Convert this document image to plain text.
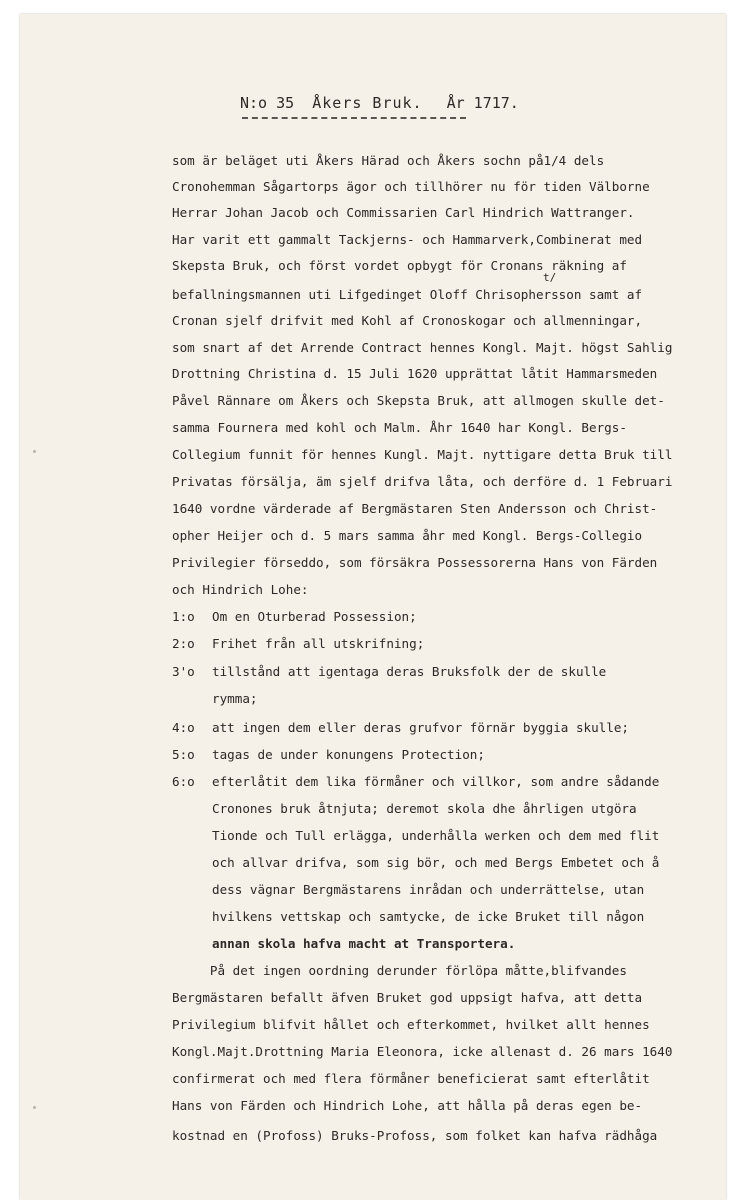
N:o 35 Åkers Bruk. År 1717.
som är beläget uti Åkers Härad och Åkers sochn på1/4 dels
Cronohemman Sågartorps ägor och tillhörer nu för tiden Välborne
Herrar Johan Jacob och Commissarien Carl Hindrich Wattranger.
Har varit ett gammalt Tackjerns- och Hammarverk,Combinerat med
Skepsta Bruk, och först vordet opbygt för Cronans räkning af
befallningsmannen uti Lifgedinget Oloff Chrisophersson samt af
Cronan sjelf drifvit med Kohl af Cronoskogar och allmenningar,
som snart af det Arrende Contract hennes Kongl. Majt. högst Sahlig
Drottning Christina d. 15 Juli 1620 upprättat låtit Hammarsmeden
Påvel Rännare om Åkers och Skepsta Bruk, att allmogen skulle det-
samma Fournera med kohl och Malm. Åhr 1640 har Kongl. Bergs-
Collegium funnit för hennes Kungl. Majt. nyttigare detta Bruk till
Privatas försälja, äm sjelf drifva låta, och derföre d. 1 Februari
1640 vordne värderade af Bergmästaren Sten Andersson och Christ-
opher Heijer och d. 5 mars samma åhr med Kongl. Bergs-Collegio
Privilegier förseddo, som försäkra Possessorerna Hans von Färden
och Hindrich Lohe:
t/
1:o Om en Oturberad Possession;
2:o Frihet från all utskrifning;
3'o tillstånd att igentaga deras Bruksfolk der de skulle
rymma;
4:o att ingen dem eller deras grufvor förnär byggia skulle;
5:o tagas de under konungens Protection;
6:o efterlåtit dem lika förmåner och villkor, som andre sådande
Cronones bruk åtnjuta; deremot skola dhe åhrligen utgöra
Tionde och Tull erlägga, underhålla werken och dem med flit
och allvar drifva, som sig bör, och med Bergs Embetet och å
dess vägnar Bergmästarens inrådan och underrättelse, utan
hvilkens vettskap och samtycke, de icke Bruket till någon
annan skola hafva macht at Transportera.
På det ingen oordning derunder förlöpa måtte,blifvandes
Bergmästaren befallt äfven Bruket god uppsigt hafva, att detta
Privilegium blifvit hållet och efterkommet, hvilket allt hennes
Kongl.Majt.Drottning Maria Eleonora, icke allenast d. 26 mars 1640
confirmerat och med flera förmåner beneficierat samt efterlåtit
Hans von Färden och Hindrich Lohe, att hålla på deras egen be-
kostnad en (Profoss) Bruks-Profoss, som folket kan hafva rädhåga
